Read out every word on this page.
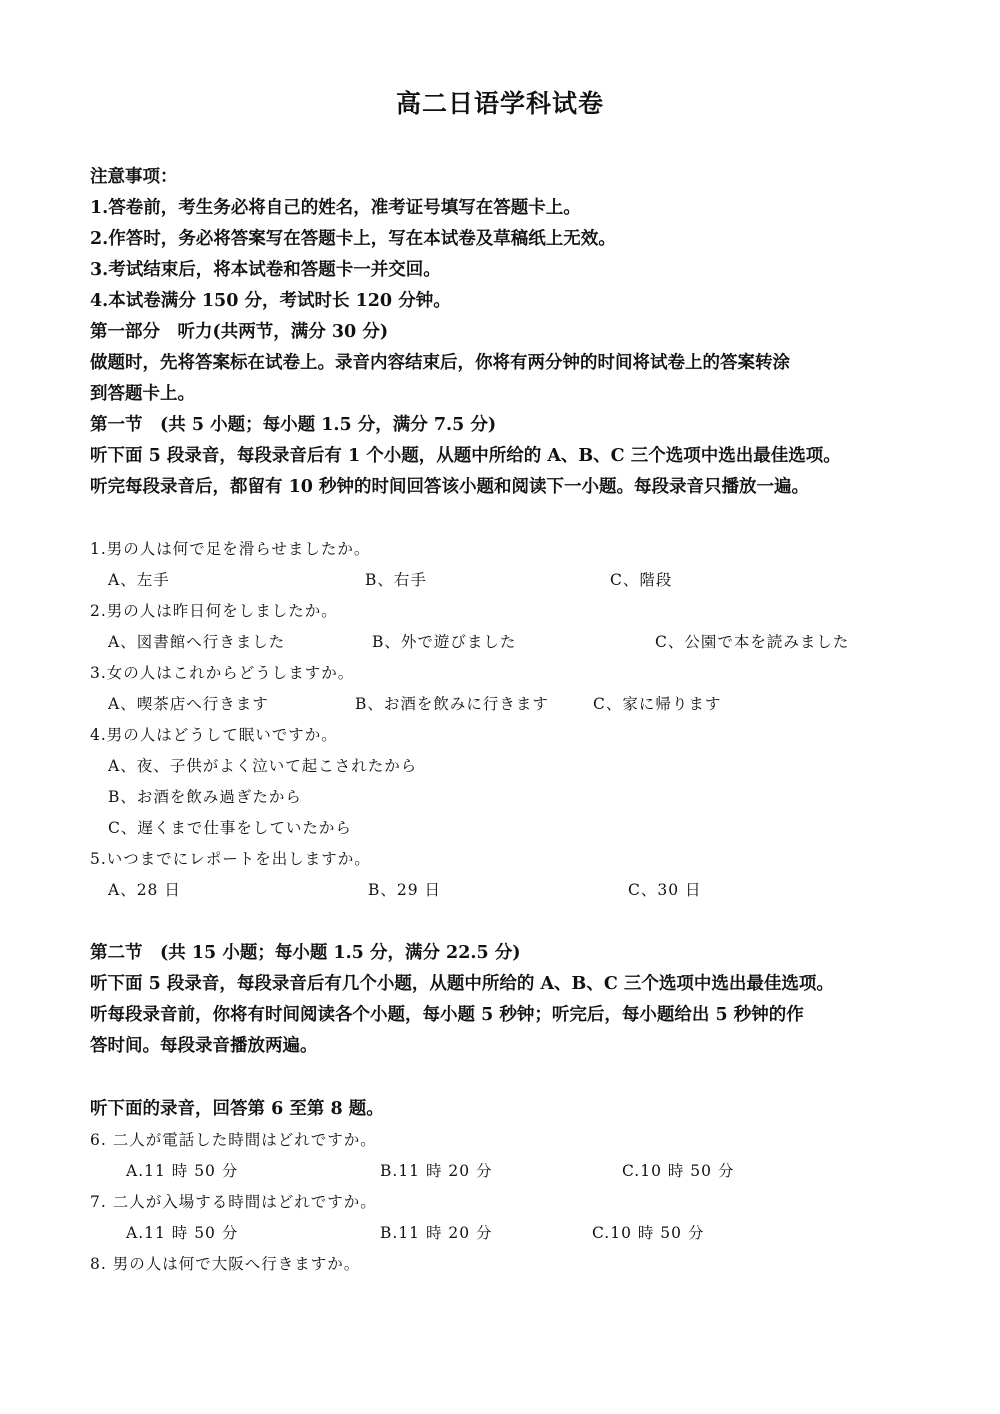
高二日语学科试卷
注意事项：
1.答卷前，考生务必将自己的姓名，准考证号填写在答题卡上。
2.作答时，务必将答案写在答题卡上，写在本试卷及草稿纸上无效。
3.考试结束后，将本试卷和答题卡一并交回。
4.本试卷满分 150 分，考试时长 120 分钟。
第一部分　听力(共两节，满分 30 分)
做题时，先将答案标在试卷上。录音内容结束后，你将有两分钟的时间将试卷上的答案转涂
到答题卡上。
第一节　(共 5 小题；每小题 1.5 分，满分 7.5 分)
听下面 5 段录音，每段录音后有 1 个小题，从题中所给的 A、B、C 三个选项中选出最佳选项。
听完每段录音后，都留有 10 秒钟的时间回答该小题和阅读下一小题。每段录音只播放一遍。
1.男の人は何で足を滑らせましたか。
A、左手	B、右手	C、階段
2.男の人は昨日何をしましたか。
A、図書館へ行きました	B、外で遊びました	C、公園で本を読みました
3.女の人はこれからどうしますか。
A、喫茶店へ行きます	B、お酒を飲みに行きます	C、家に帰ります
4.男の人はどうして眠いですか。
A、夜、子供がよく泣いて起こされたから
B、お酒を飲み過ぎたから
C、遅くまで仕事をしていたから
5.いつまでにレポートを出しますか。
A、28 日	B、29 日	C、30 日
第二节　(共 15 小题；每小题 1.5 分，满分 22.5 分)
听下面 5 段录音，每段录音后有几个小题，从题中所给的 A、B、C 三个选项中选出最佳选项。
听每段录音前，你将有时间阅读各个小题，每小题 5 秒钟；听完后，每小题给出 5 秒钟的作
答时间。每段录音播放两遍。
听下面的录音，回答第 6 至第 8 题。
6. 二人が電話した時間はどれですか。
A.11 時 50 分	B.11 時 20 分	C.10 時 50 分
7. 二人が入場する時間はどれですか。
A.11 時 50 分	B.11 時 20 分	C.10 時 50 分
8. 男の人は何で大阪へ行きますか。
